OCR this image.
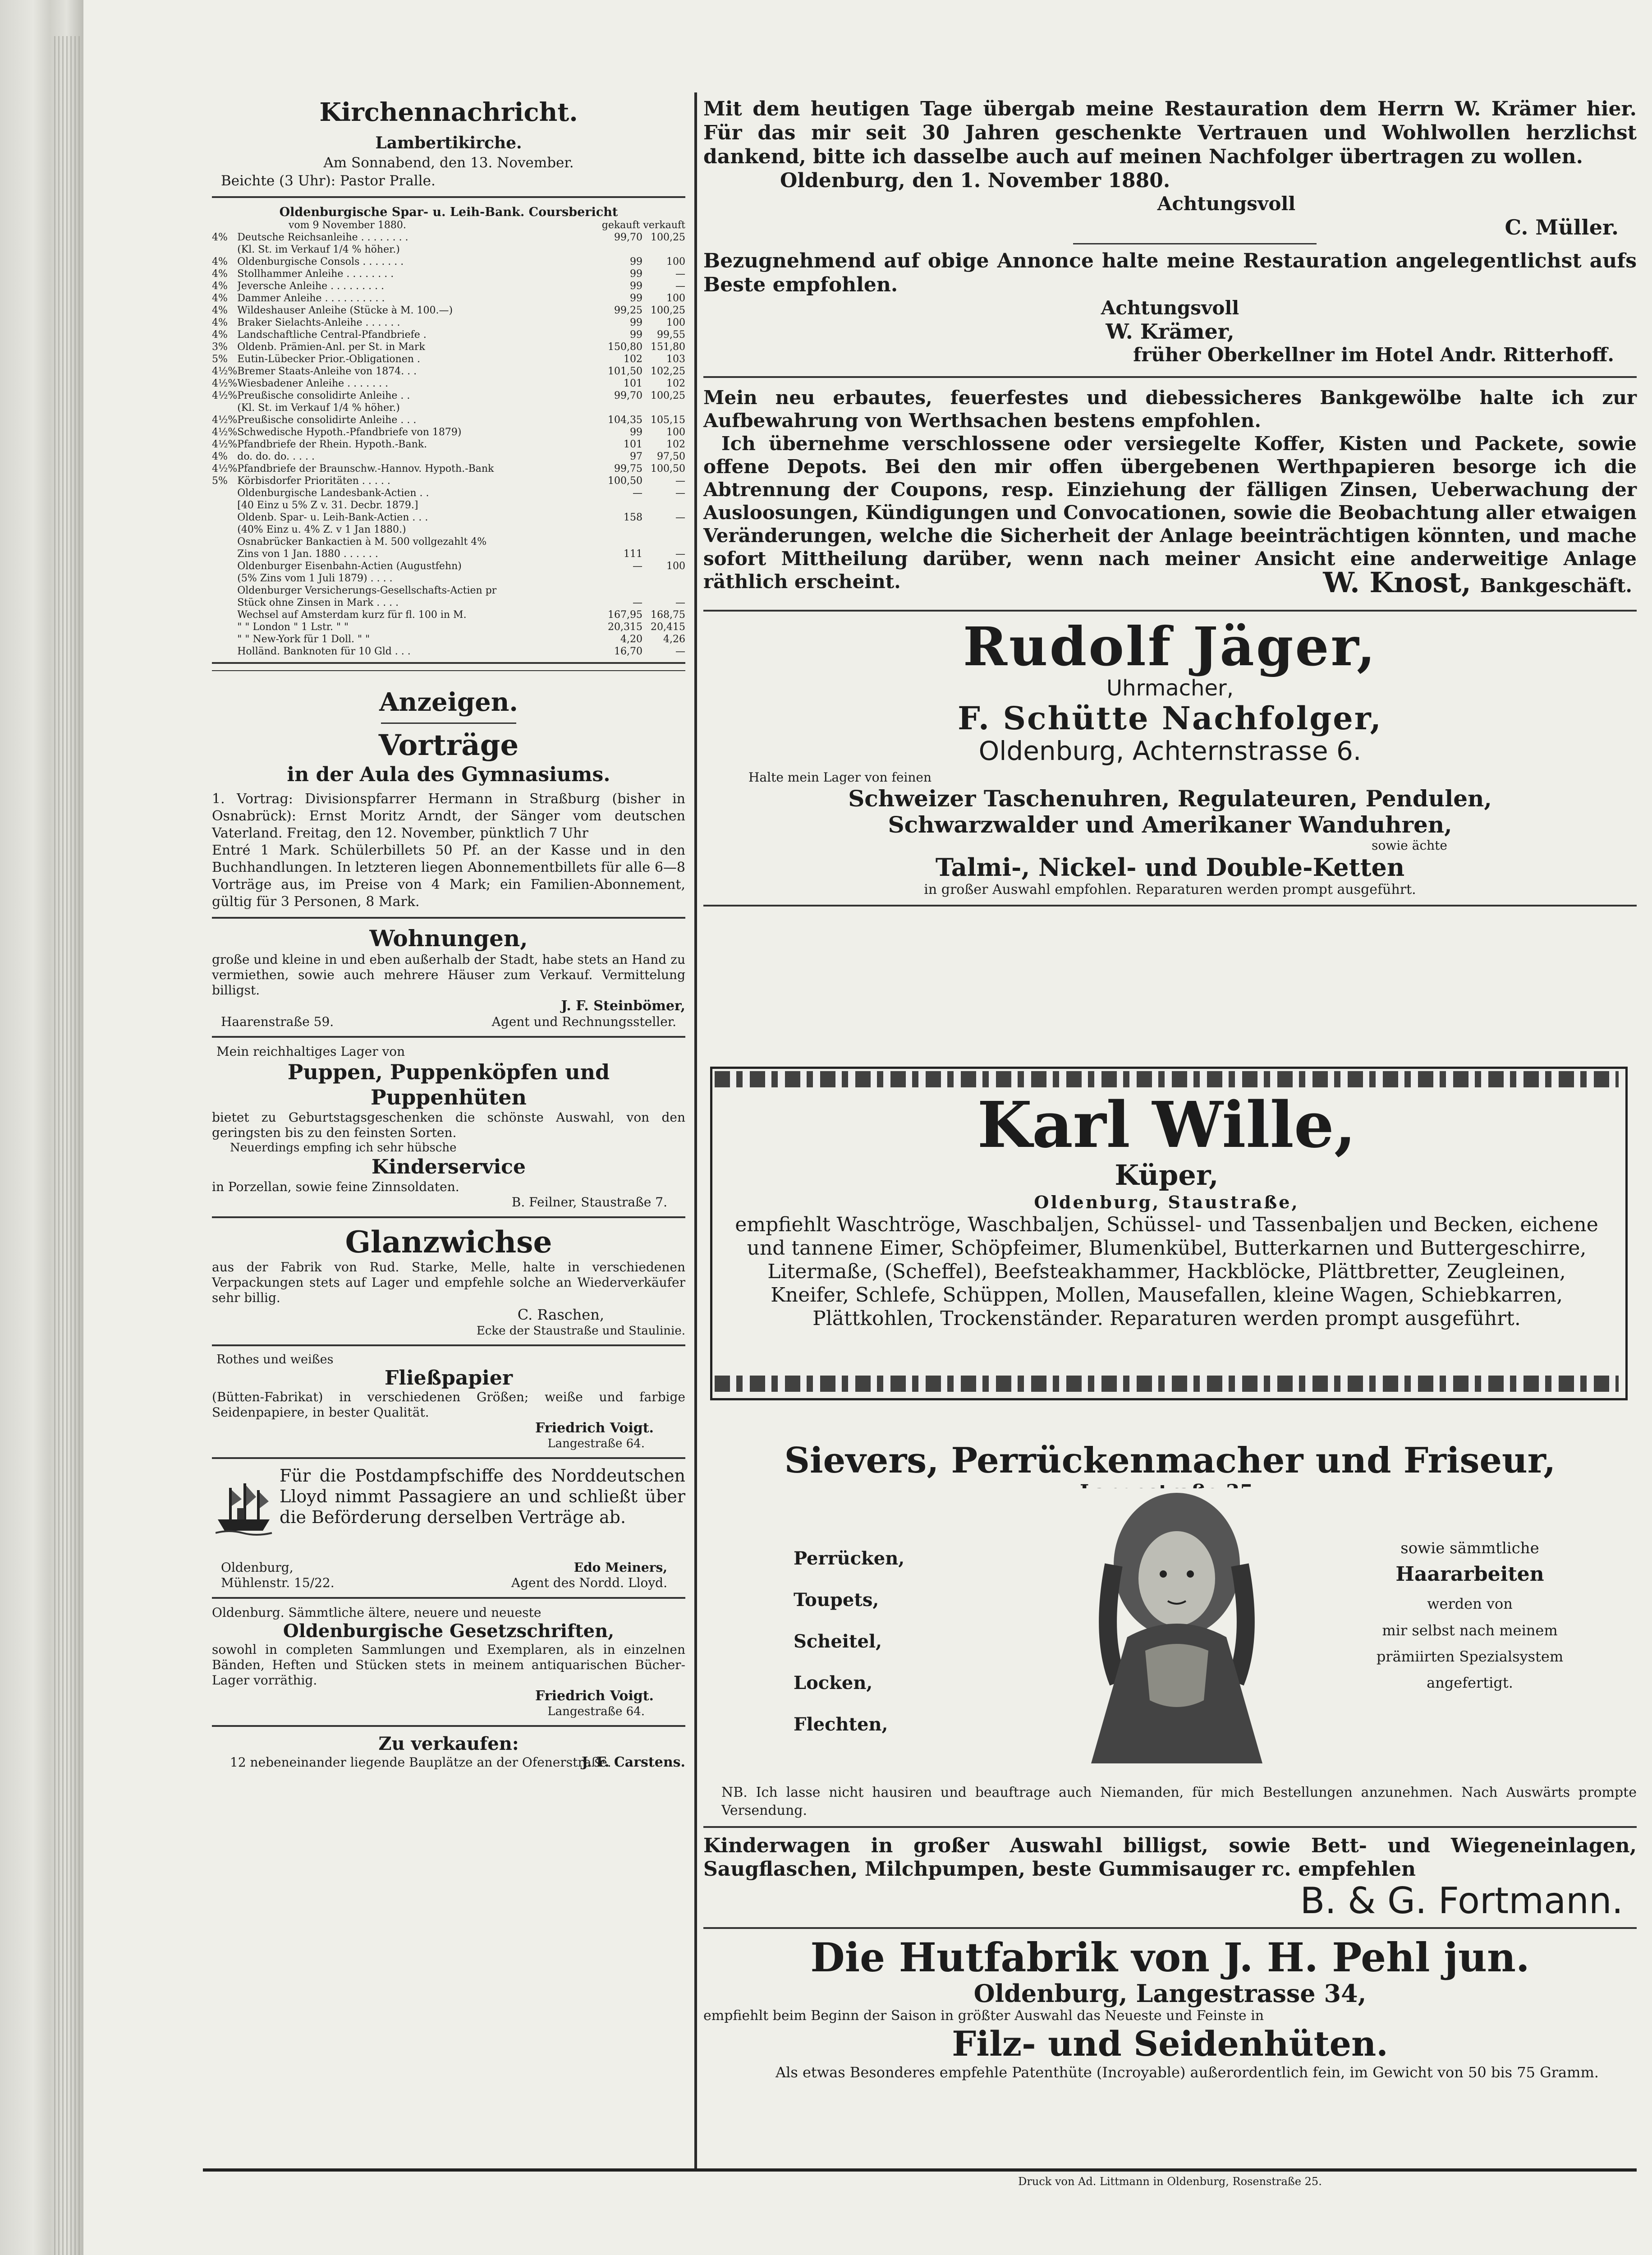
Kirchennachricht.
Lambertikirche.
Am Sonnabend, den 13. November.
Beichte (3 Uhr): Pastor Pralle.
Oldenburgische Spar- u. Leih-Bank. Coursbericht
vom 9 November 1880.	gekauft verkauft
4%	Deutsche Reichsanleihe . . . . . . . .	99,70	100,25
	(Kl. St. im Verkauf 1/4 % höher.)		
4%	Oldenburgische Consols . . . . . . .	99	100
4%	Stollhammer Anleihe . . . . . . . .	99	—
4%	Jeversche Anleihe . . . . . . . . .	99	—
4%	Dammer Anleihe . . . . . . . . . .	99	100
4%	Wildeshauser Anleihe (Stücke à M. 100.—)	99,25	100,25
4%	Braker Sielachts-Anleihe . . . . . .	99	100
4%	Landschaftliche Central-Pfandbriefe .	99	99,55
3%	Oldenb. Prämien-Anl. per St. in Mark	150,80	151,80
5%	Eutin-Lübecker Prior.-Obligationen .	102	103
4½%	Bremer Staats-Anleihe von 1874. . .	101,50	102,25
4½%	Wiesbadener Anleihe . . . . . . .	101	102
4½%	Preußische consolidirte Anleihe . .	99,70	100,25
	(Kl. St. im Verkauf 1/4 % höher.)		
4½%	Preußische consolidirte Anleihe . . .	104,35	105,15
4½%	Schwedische Hypoth.-Pfandbriefe von 1879)	99	100
4½%	Pfandbriefe der Rhein. Hypoth.-Bank.	101	102
4%	do. do. do. . . . .	97	97,50
4½%	Pfandbriefe der Braunschw.-Hannov. Hypoth.-Bank	99,75	100,50
5%	Körbisdorfer Prioritäten . . . . .	100,50	—
	Oldenburgische Landesbank-Actien . .	—	—
	[40 Einz u 5% Z v. 31. Decbr. 1879.]		
	Oldenb. Spar- u. Leih-Bank-Actien . . .	158	—
	(40% Einz u. 4% Z. v 1 Jan 1880.)		
	Osnabrücker Bankactien à M. 500 vollgezahlt 4%		
	Zins von 1 Jan. 1880 . . . . . .	111	—
	Oldenburger Eisenbahn-Actien (Augustfehn)	—	100
	(5% Zins vom 1 Juli 1879) . . . .		
	Oldenburger Versicherungs-Gesellschafts-Actien pr		
	Stück ohne Zinsen in Mark . . . .	—	—
	Wechsel auf Amsterdam kurz für fl. 100 in M.	167,95	168,75
	" " London " 1 Lstr. " "	20,315	20,415
	" " New-York für 1 Doll. " "	4,20	4,26
	Holländ. Banknoten für 10 Gld . . .	16,70	—
Anzeigen.
Vorträge
in der Aula des Gymnasiums.
1. Vortrag: Divisionspfarrer Hermann in Straßburg (bisher in Osnabrück): Ernst Moritz Arndt, der Sänger vom deutschen Vaterland. Freitag, den 12. November, pünktlich 7 Uhr
Entré 1 Mark. Schülerbillets 50 Pf. an der Kasse und in den Buchhandlungen. In letzteren liegen Abonnementbillets für alle 6—8 Vorträge aus, im Preise von 4 Mark; ein Familien-Abonnement, gültig für 3 Personen, 8 Mark.
Wohnungen,
große und kleine in und eben außerhalb der Stadt, habe stets an Hand zu vermiethen, sowie auch mehrere Häuser zum Verkauf. Vermittelung billigst.
J. F. Steinbömer,
Haarenstraße 59.	Agent und Rechnungssteller.
Mein reichhaltiges Lager von
Puppen, Puppenköpfen und
Puppenhüten
bietet zu Geburtstagsgeschenken die schönste Auswahl, von den geringsten bis zu den feinsten Sorten.
Neuerdings empfing ich sehr hübsche
Kinderservice
in Porzellan, sowie feine Zinnsoldaten.
B. Feilner, Staustraße 7.
Glanzwichse
aus der Fabrik von Rud. Starke, Melle, halte in verschiedenen Verpackungen stets auf Lager und empfehle solche an Wiederverkäufer sehr billig.
C. Raschen,
Ecke der Staustraße und Staulinie.
Rothes und weißes
Fließpapier
(Bütten-Fabrikat) in verschiedenen Größen; weiße und farbige Seidenpapiere, in bester Qualität.
Friedrich Voigt.
Langestraße 64.
Für die Postdampfschiffe des Norddeutschen Lloyd nimmt Passagiere an und schließt über die Beförderung derselben Verträge ab.
Oldenburg,	Edo Meiners,
Mühlenstr. 15/22.	Agent des Nordd. Lloyd.
Oldenburg. Sämmtliche ältere, neuere und neueste
Oldenburgische Gesetzschriften,
sowohl in completen Sammlungen und Exemplaren, als in einzelnen Bänden, Heften und Stücken stets in meinem antiquarischen Bücher-Lager vorräthig.
Friedrich Voigt.
Langestraße 64.
Zu verkaufen:
12 nebeneinander liegende Bauplätze an der Ofenerstraße.
J. F. Carstens.
Mit dem heutigen Tage übergab meine Restauration dem Herrn W. Krämer hier. Für das mir seit 30 Jahren geschenkte Vertrauen und Wohlwollen herzlichst dankend, bitte ich dasselbe auch auf meinen Nachfolger übertragen zu wollen.
Oldenburg, den 1. November 1880.
Achtungsvoll
C. Müller.
Bezugnehmend auf obige Annonce halte meine Restauration angelegentlichst aufs Beste empfohlen.
Achtungsvoll
W. Krämer,
früher Oberkellner im Hotel Andr. Ritterhoff.
Mein neu erbautes, feuerfestes und diebessicheres Bankgewölbe halte ich zur Aufbewahrung von Werthsachen bestens empfohlen.
Ich übernehme verschlossene oder versiegelte Koffer, Kisten und Packete, sowie offene Depots. Bei den mir offen übergebenen Werthpapieren besorge ich die Abtrennung der Coupons, resp. Einziehung der fälligen Zinsen, Ueberwachung der Ausloosungen, Kündigungen und Convocationen, sowie die Beobachtung aller etwaigen Veränderungen, welche die Sicherheit der Anlage beeinträchtigen könnten, und mache sofort Mittheilung darüber, wenn nach meiner Ansicht eine anderweitige Anlage räthlich erscheint.	W. Knost, Bankgeschäft.
Rudolf Jäger,
Uhrmacher,
F. Schütte Nachfolger,
Oldenburg, Achternstrasse 6.
Halte mein Lager von feinen
Schweizer Taschenuhren, Regulateuren, Pendulen,
Schwarzwalder und Amerikaner Wanduhren,
sowie ächte
Talmi-, Nickel- und Double-Ketten
in großer Auswahl empfohlen. Reparaturen werden prompt ausgeführt.
Karl Wille,
Küper,
Oldenburg, Staustraße,
empfiehlt Waschtröge, Waschbaljen, Schüssel- und Tassenbaljen und Becken, eichene und tannene Eimer, Schöpfeimer, Blumenkübel, Butterkarnen und Buttergeschirre, Litermaße, (Scheffel), Beefsteakhammer, Hackblöcke, Plättbretter, Zeugleinen, Kneifer, Schlefe, Schüppen, Mollen, Mausefallen, kleine Wagen, Schiebkarren, Plättkohlen, Trockenständer. Reparaturen werden prompt ausgeführt.
Sievers, Perrückenmacher und Friseur,
Perrücken,
Toupets,
Scheitel,
Locken,
Flechten,
sowie sämmtliche
Haararbeiten
werden von
mir selbst nach meinem
prämiirten Spezialsystem
angefertigt.
NB. Ich lasse nicht hausiren und beauftrage auch Niemanden, für mich Bestellungen anzunehmen. Nach Auswärts prompte Versendung.
Kinderwagen in großer Auswahl billigst, sowie Bett- und Wiegeneinlagen, Saugflaschen, Milchpumpen, beste Gummisauger rc. empfehlen
B. & G. Fortmann.
Die Hutfabrik von J. H. Pehl jun.
Oldenburg, Langestrasse 34,
empfiehlt beim Beginn der Saison in größter Auswahl das Neueste und Feinste in
Filz- und Seidenhüten.
Als etwas Besonderes empfehle Patenthüte (Incroyable) außerordentlich fein, im Gewicht von 50 bis 75 Gramm.
Druck von Ad. Littmann in Oldenburg, Rosenstraße 25.
